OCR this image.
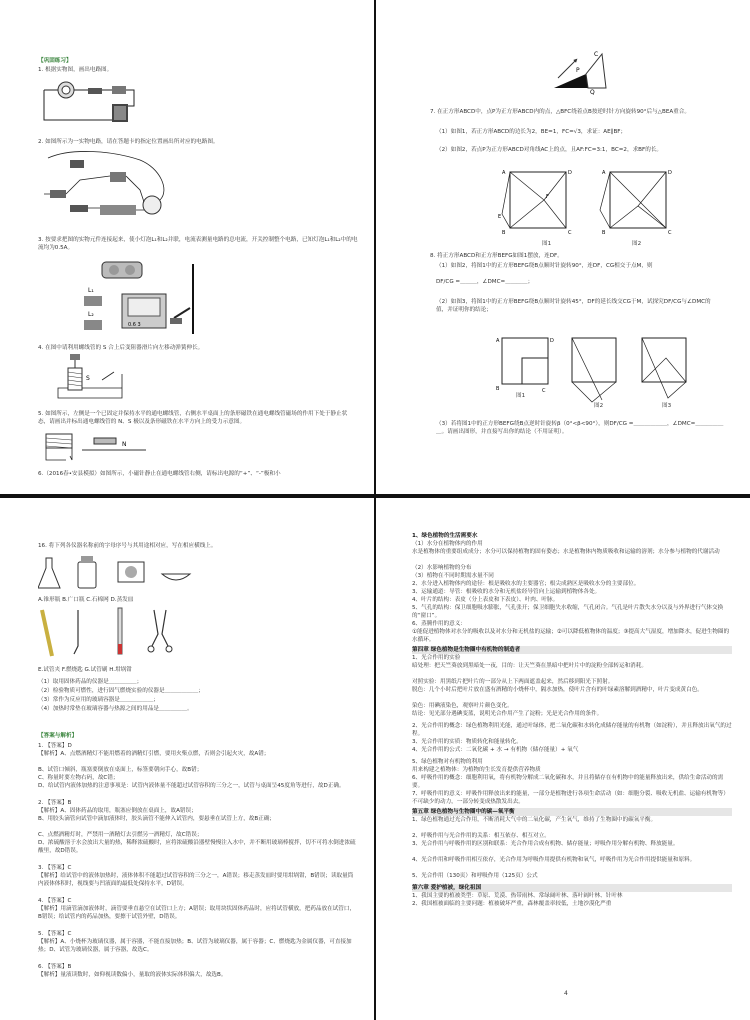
【巩固练习】
1. 根据实物图，画出电路图。
2. 如图所示为一实物电路，请在答题卡的指定位置画出所对应的电路图。
3. 按要求把图的实物元件连接起来，使小灯泡L₁和L₂并联，电流表测量电路的总电流，开关控制整个电路，已知灯泡L₁和L₂中的电流均为0.5A。
L₁
L₂
0.6 3
4. 在图中请利用螺线管的 S 合上后变阻器滑片向左移动弹簧伸长。
S
5. 如图所示，左侧是一个已固定并保持水平的通电螺线管，右侧水平桌面上的条形磁铁在通电螺线管磁场的作用下处于静止状态，请画出并标出通电螺线管的 N、S 极以及条形磁铁在水平方向上的受力示意图。
N
6.（2016春•安县模拟）如图所示，小磁针静止在通电螺线管右侧，请标出电源的“+”、“-”极和小
C
P
Q
7. 在正方形ABCD中，点P为正方形ABCD内的点，△BFC绕着点B按逆时针方向旋转90°后与△BEA重合。
（1）如图1，若正方形ABCD的边长为2，BE=1，FC=√3，求证：AE∥BF；
（2）如图2，若点P为正方形ABCD对角线AC上的点，且AF:FC=3:1，BC=2，求BF的长。
A	D
B	C
E
F
图1
A	D
B	C
图2
8. 将正方形ABCD和正方形BEFG如图1摆放，连DF。
（1）如图2，将图1中的正方形BEFG绕B点顺时针旋转90°，连DF，CG相交于点M，则
DF/CG =＿＿＿，∠DMC=＿＿＿＿；
（2）如图3，将图1中的正方形BEFG绕B点顺时针旋转45°，DF的延长线交CG于M，试探究DF/CG与∠DMC的值，并证明你的结论；
A	D
B	C
图1
图2	图3
（3）若将图1中的正方形BEFG绕B点逆时针旋转β（0°<β<90°），则DF/CG =＿＿＿＿＿＿，∠DMC=＿＿＿＿＿＿。请画出图形，并直接写出你的结论（不用证明）。
16. 将下列各仪器名称前的字母序号与其用途相对应，写在相应横线上。
A.锥形瓶 B.广口瓶 C.石棉网 D.蒸发皿
E.试管夹 F.燃烧匙 G.试管刷 H.坩埚钳
（1）取用固体药品的仪器是＿＿＿＿＿；
（2）检验物质可燃性，进行固气燃烧实验的仪器是＿＿＿＿＿＿；
（3）常作为反应用的玻璃容器是＿＿＿＿＿＿；
（4）加热时常垫在玻璃容器与热源之间的用品是＿＿＿＿＿。
【答案与解析】
1. 【答案】D
【解析】A、点燃酒精灯不能用燃着的酒精灯引燃，要用火柴点燃，否则会引起火灾，故A错；
B、试管口倾斜，瓶塞要倒放在桌面上，标签要朝向手心，故B错；
C、称量时要左物右码，故C错；
D、给试管内液体加热的注意事项是：试管内液体量不能超过试管容积的三分之一，试管与桌面呈45度角等进行，故D正确。
2. 【答案】B
【解析】A、固体药品的取用，瓶塞应倒放在桌面上，故A错误；
B、用胶头滴管向试管中滴加液体时，胶头滴管不能伸入试管内，要悬垂在试管上方，故B正确；
C、点燃酒精灯时，严禁用一酒精灯去引燃另一酒精灯，故C错误；
D、浓硫酸溶于水会放出大量的热，稀释浓硫酸时，应将浓硫酸沿器壁慢慢注入水中，并不断用玻璃棒搅拌，切不可将水倒进浓硫酸里，故D错误。
3. 【答案】C
【解析】给试管中的液体加热时，液体体积不能超过试管容积的三分之一，A错误；移走蒸发皿时要用坩埚钳，B错误；读取量筒内液体体积时，视线要与凹液面的最低处保持水平，D错误。
4. 【答案】C
【解析】用滴管滴加液体时，滴管要垂直悬空在试管口上方；A错误；取用块状固体药品时，应将试管横放，把药品放在试管口，B错误；给试管内的药品加热，要擦干试管外壁，D错误。
5. 【答案】C
【解析】A、小烧杯为玻璃仪器，属于容器，不能直接加热；B、试管为玻璃仪器，属于容器；C、燃烧匙为金属仪器，可直接加热；D、试管为玻璃仪器，属于容器，故选C。
6. 【答案】B
【解析】量液读数时，如仰视读数偏小，量取的液体实际体积偏大，故选B。
1、绿色植物的生活需要水
（1）水分在植物体内的作用
水是植物体的重要组成成分；水分可以保持植物的固有姿态；水是植物体内物质吸收和运输的溶剂；水分参与植物的代谢活动
（2）水影响植物的分布
（3）植物在不同时期需水量不同
2、水分进入植物体内的途径：根是吸收水的主要器官；根尖成熟区是吸收水分的主要部位。
3、运输通道：导管：根吸收的水分和无机盐经导管向上运输到植物体各处。
4、叶片的结构：表皮（分上表皮和下表皮）、叶肉、叶脉。
5、气孔的结构：保卫细胞吸水膨胀，气孔张开；保卫细胞失水收缩，气孔闭合。气孔是叶片散失水分以及与外界进行气体交换的“窗口”。
6、蒸腾作用的意义：
①能促进植物体对水分的吸收以及对水分和无机盐的运输；②可以降低植物体的温度；③提高大气湿度，增加降水，促进生物圈的水循环。
第四章 绿色植物是生物圈中有机物的制造者
1、光合作用的实验
暗处理：把天竺葵放到黑暗处一夜，目的：让天竺葵在黑暗中把叶片中的淀粉全部转运和消耗。
对照实验：用黑纸片把叶片的一部分从上下两面遮盖起来，然后移到阳光下照射。
脱色：几个小时后把叶片放在盛有酒精的小烧杯中，隔水加热，使叶片含有的叶绿素溶解到酒精中，叶片变成黄白色。
染色：用碘液染色，观察叶片颜色变化。
结论：见光部分遇碘变蓝，说明光合作用产生了淀粉；光是光合作用的条件。
2、光合作用的概念：绿色植物利用光能，通过叶绿体，把二氧化碳和水转化成储存能量的有机物（如淀粉），并且释放出氧气的过程。
3、光合作用的实质：物质转化和能量转化。
4、光合作用的公式：二氧化碳 + 水 → 有机物（储存能量）+ 氧气
5、绿色植物对有机物的利用
用来构建之植物体：为植物的生长发育提供营养物质
6、呼吸作用的概念：细胞利用氧，将有机物分解成二氧化碳和水，并且将储存在有机物中的能量释放出来，供给生命活动的需要。
7、呼吸作用的意义：呼吸作用释放出来的能量，一部分是植物进行各项生命活动（如：细胞分裂、吸收无机盐、运输有机物等）不可缺少的动力，一部分转变成热散发出去。
第五章 绿色植物与生物圈中的碳—氧平衡
1、绿色植物通过光合作用，不断消耗大气中的二氧化碳，产生氧气，维持了生物圈中的碳氧平衡。
2、呼吸作用与光合作用的关系：相互依存、相互对立。
3、光合作用与呼吸作用的区别和联系：光合作用合成有机物、储存能量；呼吸作用分解有机物、释放能量。
4、光合作用和呼吸作用相互依存，光合作用为呼吸作用提供有机物和氧气，呼吸作用为光合作用提供能量和原料。
5、光合作用（130页）和呼吸作用（125页）公式
第六章 爱护植被，绿化祖国
1、我国主要的植被类型：草原、荒漠、热带雨林、常绿阔叶林、落叶阔叶林、针叶林
2、我国植被面临的主要问题：植被破坏严重，森林覆盖率较低，土地沙漠化严重
4
